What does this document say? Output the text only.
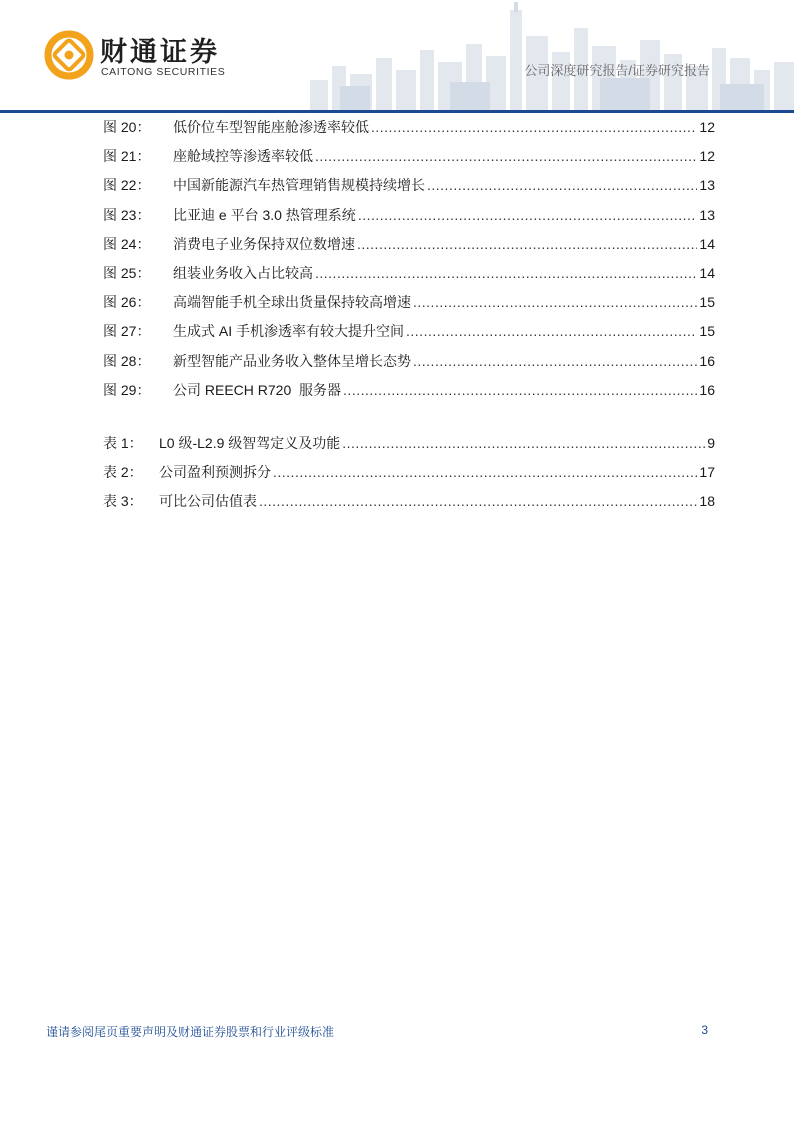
财通证券
CAITONG SECURITIES	公司深度研究报告/证券研究报告
图 20：	低价位车型智能座舱渗透率较低 .....	12
图 21：	座舱域控等渗透率较低 .....	12
图 22：	中国新能源汽车热管理销售规模持续增长 .....	13
图 23：	比亚迪 e 平台 3.0 热管理系统 .....	13
图 24：	消费电子业务保持双位数增速 .....	14
图 25：	组装业务收入占比较高 .....	14
图 26：	高端智能手机全球出货量保持较高增速 .....	15
图 27：	生成式 AI 手机渗透率有较大提升空间 .....	15
图 28：	新型智能产品业务收入整体呈增长态势 .....	16
图 29：	公司 REECH R720  服务器 .....	16
表 1：	L0 级-L2.9 级智驾定义及功能 .....	9
表 2：	公司盈利预测拆分 .....	17
表 3：	可比公司估值表 .....	18
谨请参阅尾页重要声明及财通证券股票和行业评级标准	3
